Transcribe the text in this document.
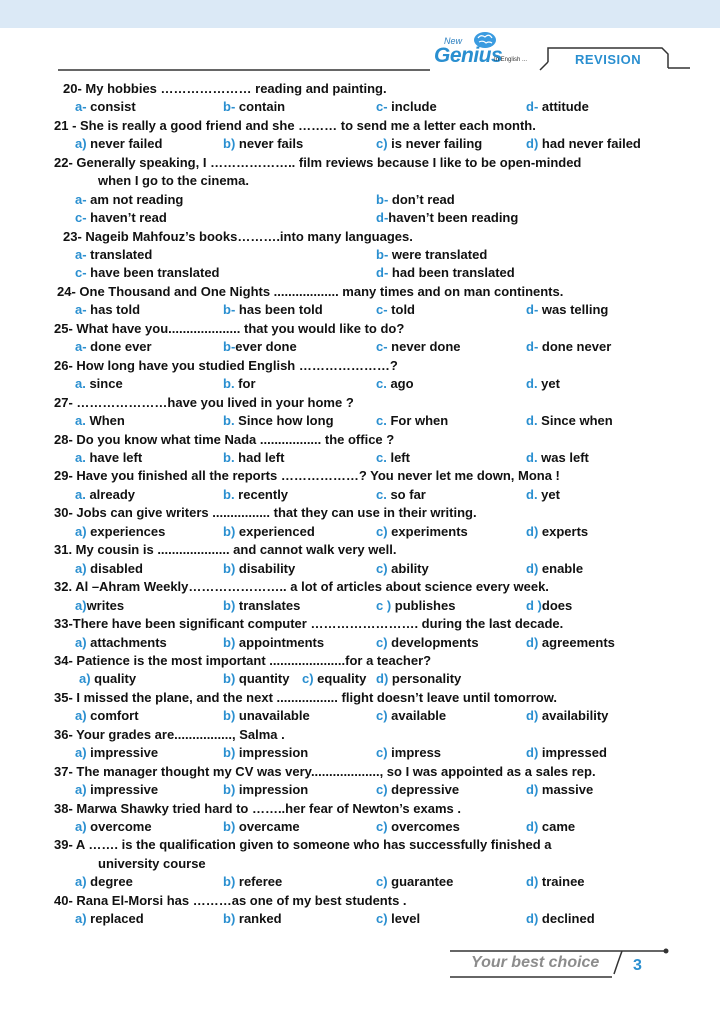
New
Genius
In English ...	REVISION
20- My hobbies ………………… reading and painting.
a- consist	b- contain	c- include	d- attitude
21 - She is really a good friend and she ……… to send me a letter each month.
a) never failed	b) never fails	c) is never failing	d) had never failed
22- Generally speaking, I ……………….. film reviews because I like to be open-minded
when I go to the cinema.
a- am not reading	b- don’t read
c- haven’t read	d-haven’t been reading
23- Nageib Mahfouz’s books……….into many languages.
a- translated	b- were translated
c- have been translated	d- had been translated
24- One Thousand and One Nights .................. many times and on man continents.
a- has told	b- has been told	c- told	d- was telling
25- What have you.................... that you would like to do?
a- done ever	b-ever done	c- never done	d- done never
26- How long have you studied English …………………?
a. since	b. for	c. ago	d. yet
27- …………………have you lived in your home ?
a. When	b. Since how long	c. For when	d. Since when
28- Do you know what time Nada ................. the office ?
a. have left	b. had left	c. left	d. was left
29- Have you finished all the reports ………………? You never let me down, Mona !
a. already	b. recently	c. so far	d. yet
30- Jobs can give writers ................ that they can use in their writing.
a) experiences	b) experienced	c) experiments	d) experts
31. My cousin is .................... and cannot walk very well.
a) disabled	b) disability	c) ability	d) enable
32. Al –Ahram Weekly………………….. a lot of articles about science every week.
a)writes	b) translates	c ) publishes	d )does
33-There have been significant computer ……………………. during the last decade.
a) attachments	b) appointments	c) developments	d) agreements
34- Patience is the most important .....................for a teacher?
a) quality	b) quantity c) equality d) personality
35- I missed the plane, and the next ................. flight doesn’t leave until tomorrow.
a) comfort	b) unavailable	c) available	d) availability
36- Your grades are................, Salma .
a) impressive	b) impression	c) impress	d) impressed
37- The manager thought my CV was very..................., so I was appointed as a sales rep.
a) impressive	b) impression	c) depressive	d) massive
38- Marwa Shawky tried hard to ……..her fear of Newton’s exams .
a) overcome	b) overcame	c) overcomes	d) came
39- A ……. is the qualification given to someone who has successfully finished a
university course
a) degree	b) referee	c) guarantee	d) trainee
40- Rana El-Morsi has ………as one of my best students .
a) replaced	b) ranked	c) level	d) declined
Your best choice 3
